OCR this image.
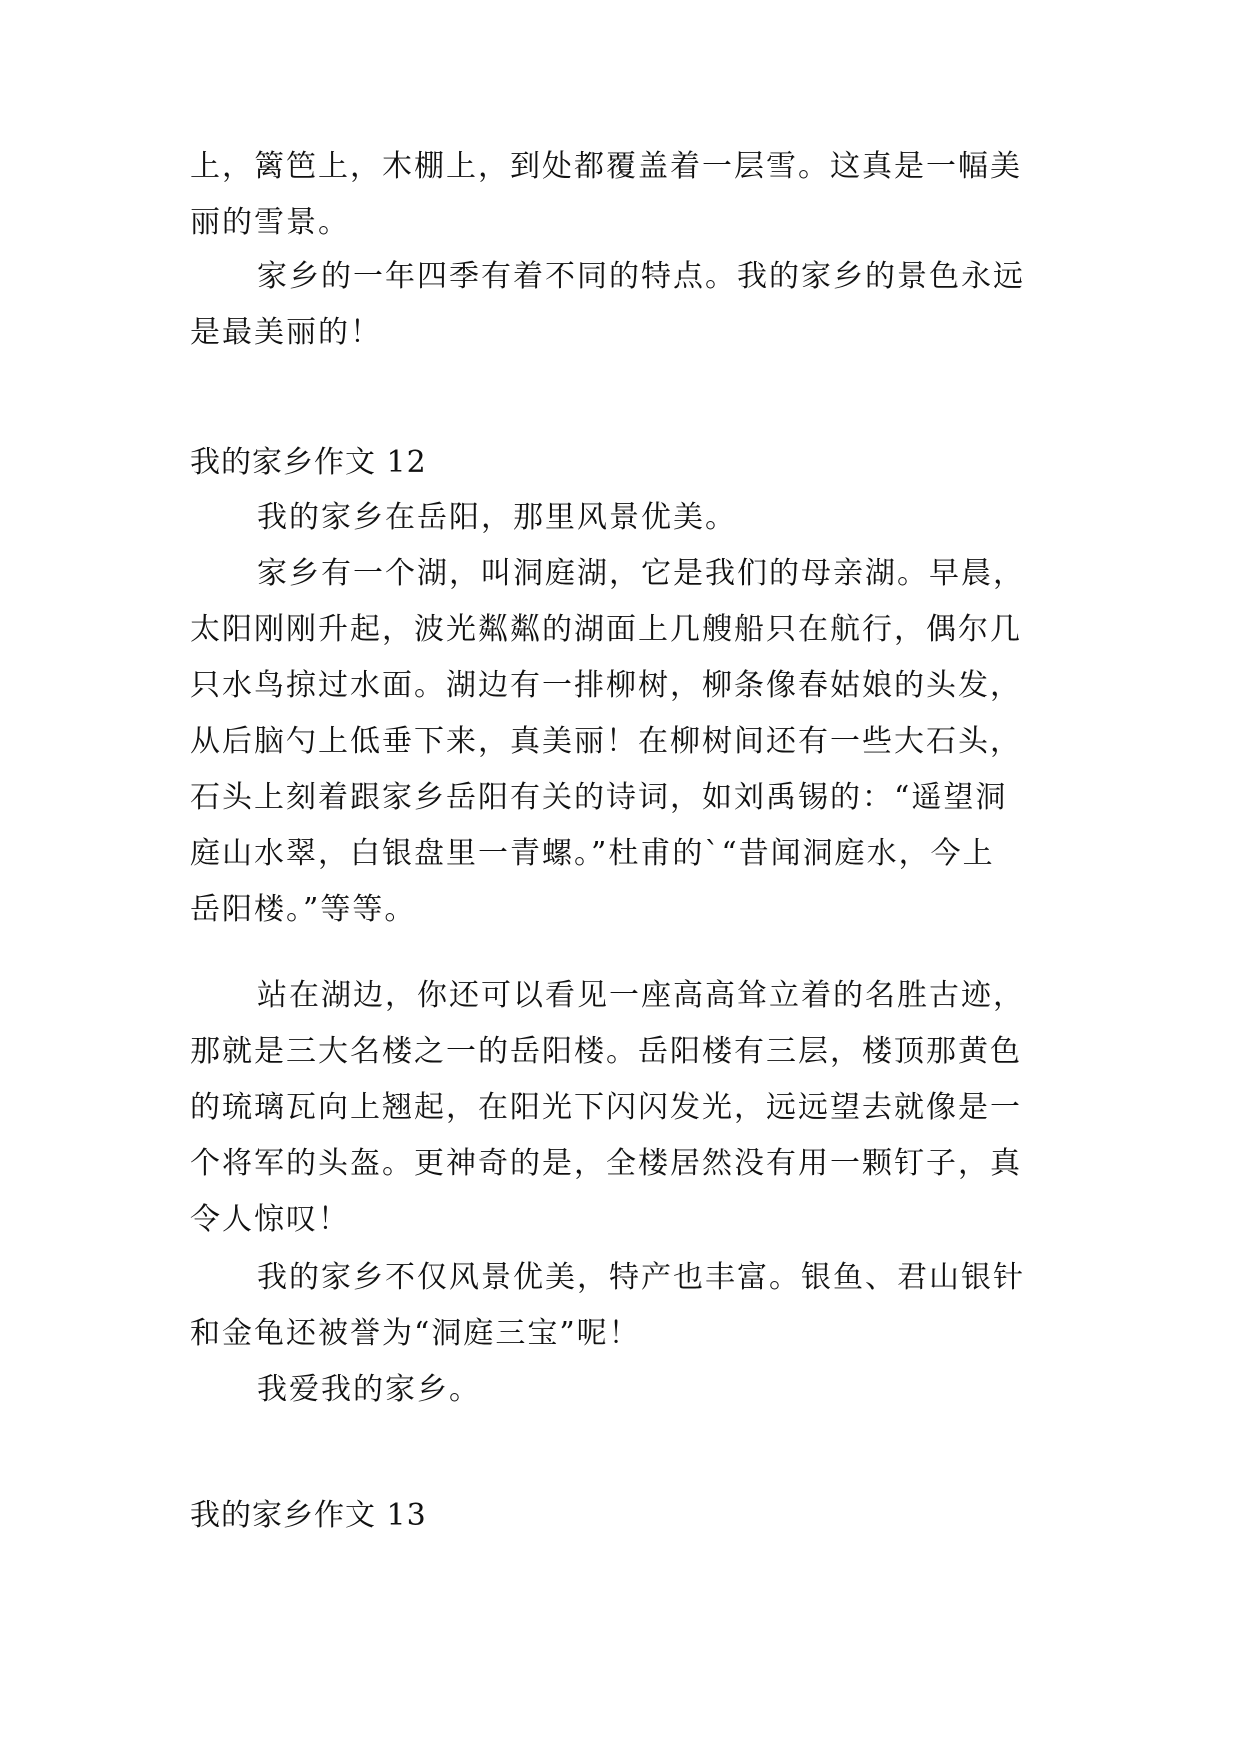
上，篱笆上，木棚上，到处都覆盖着一层雪。这真是一幅美
丽的雪景。
家乡的一年四季有着不同的特点。我的家乡的景色永远
是最美丽的！
我的家乡作文 12
我的家乡在岳阳，那里风景优美。
家乡有一个湖，叫洞庭湖，它是我们的母亲湖。早晨，
太阳刚刚升起，波光粼粼的湖面上几艘船只在航行，偶尔几
只水鸟掠过水面。湖边有一排柳树，柳条像春姑娘的头发，
从后脑勺上低垂下来，真美丽！在柳树间还有一些大石头，
石头上刻着跟家乡岳阳有关的诗词，如刘禹锡的：“遥望洞
庭山水翠，白银盘里一青螺。”杜甫的`“昔闻洞庭水，今上
岳阳楼。”等等。
站在湖边，你还可以看见一座高高耸立着的名胜古迹，
那就是三大名楼之一的岳阳楼。岳阳楼有三层，楼顶那黄色
的琉璃瓦向上翘起，在阳光下闪闪发光，远远望去就像是一
个将军的头盔。更神奇的是，全楼居然没有用一颗钉子，真
令人惊叹！
我的家乡不仅风景优美，特产也丰富。银鱼、君山银针
和金龟还被誉为“洞庭三宝”呢！
我爱我的家乡。
我的家乡作文 13
